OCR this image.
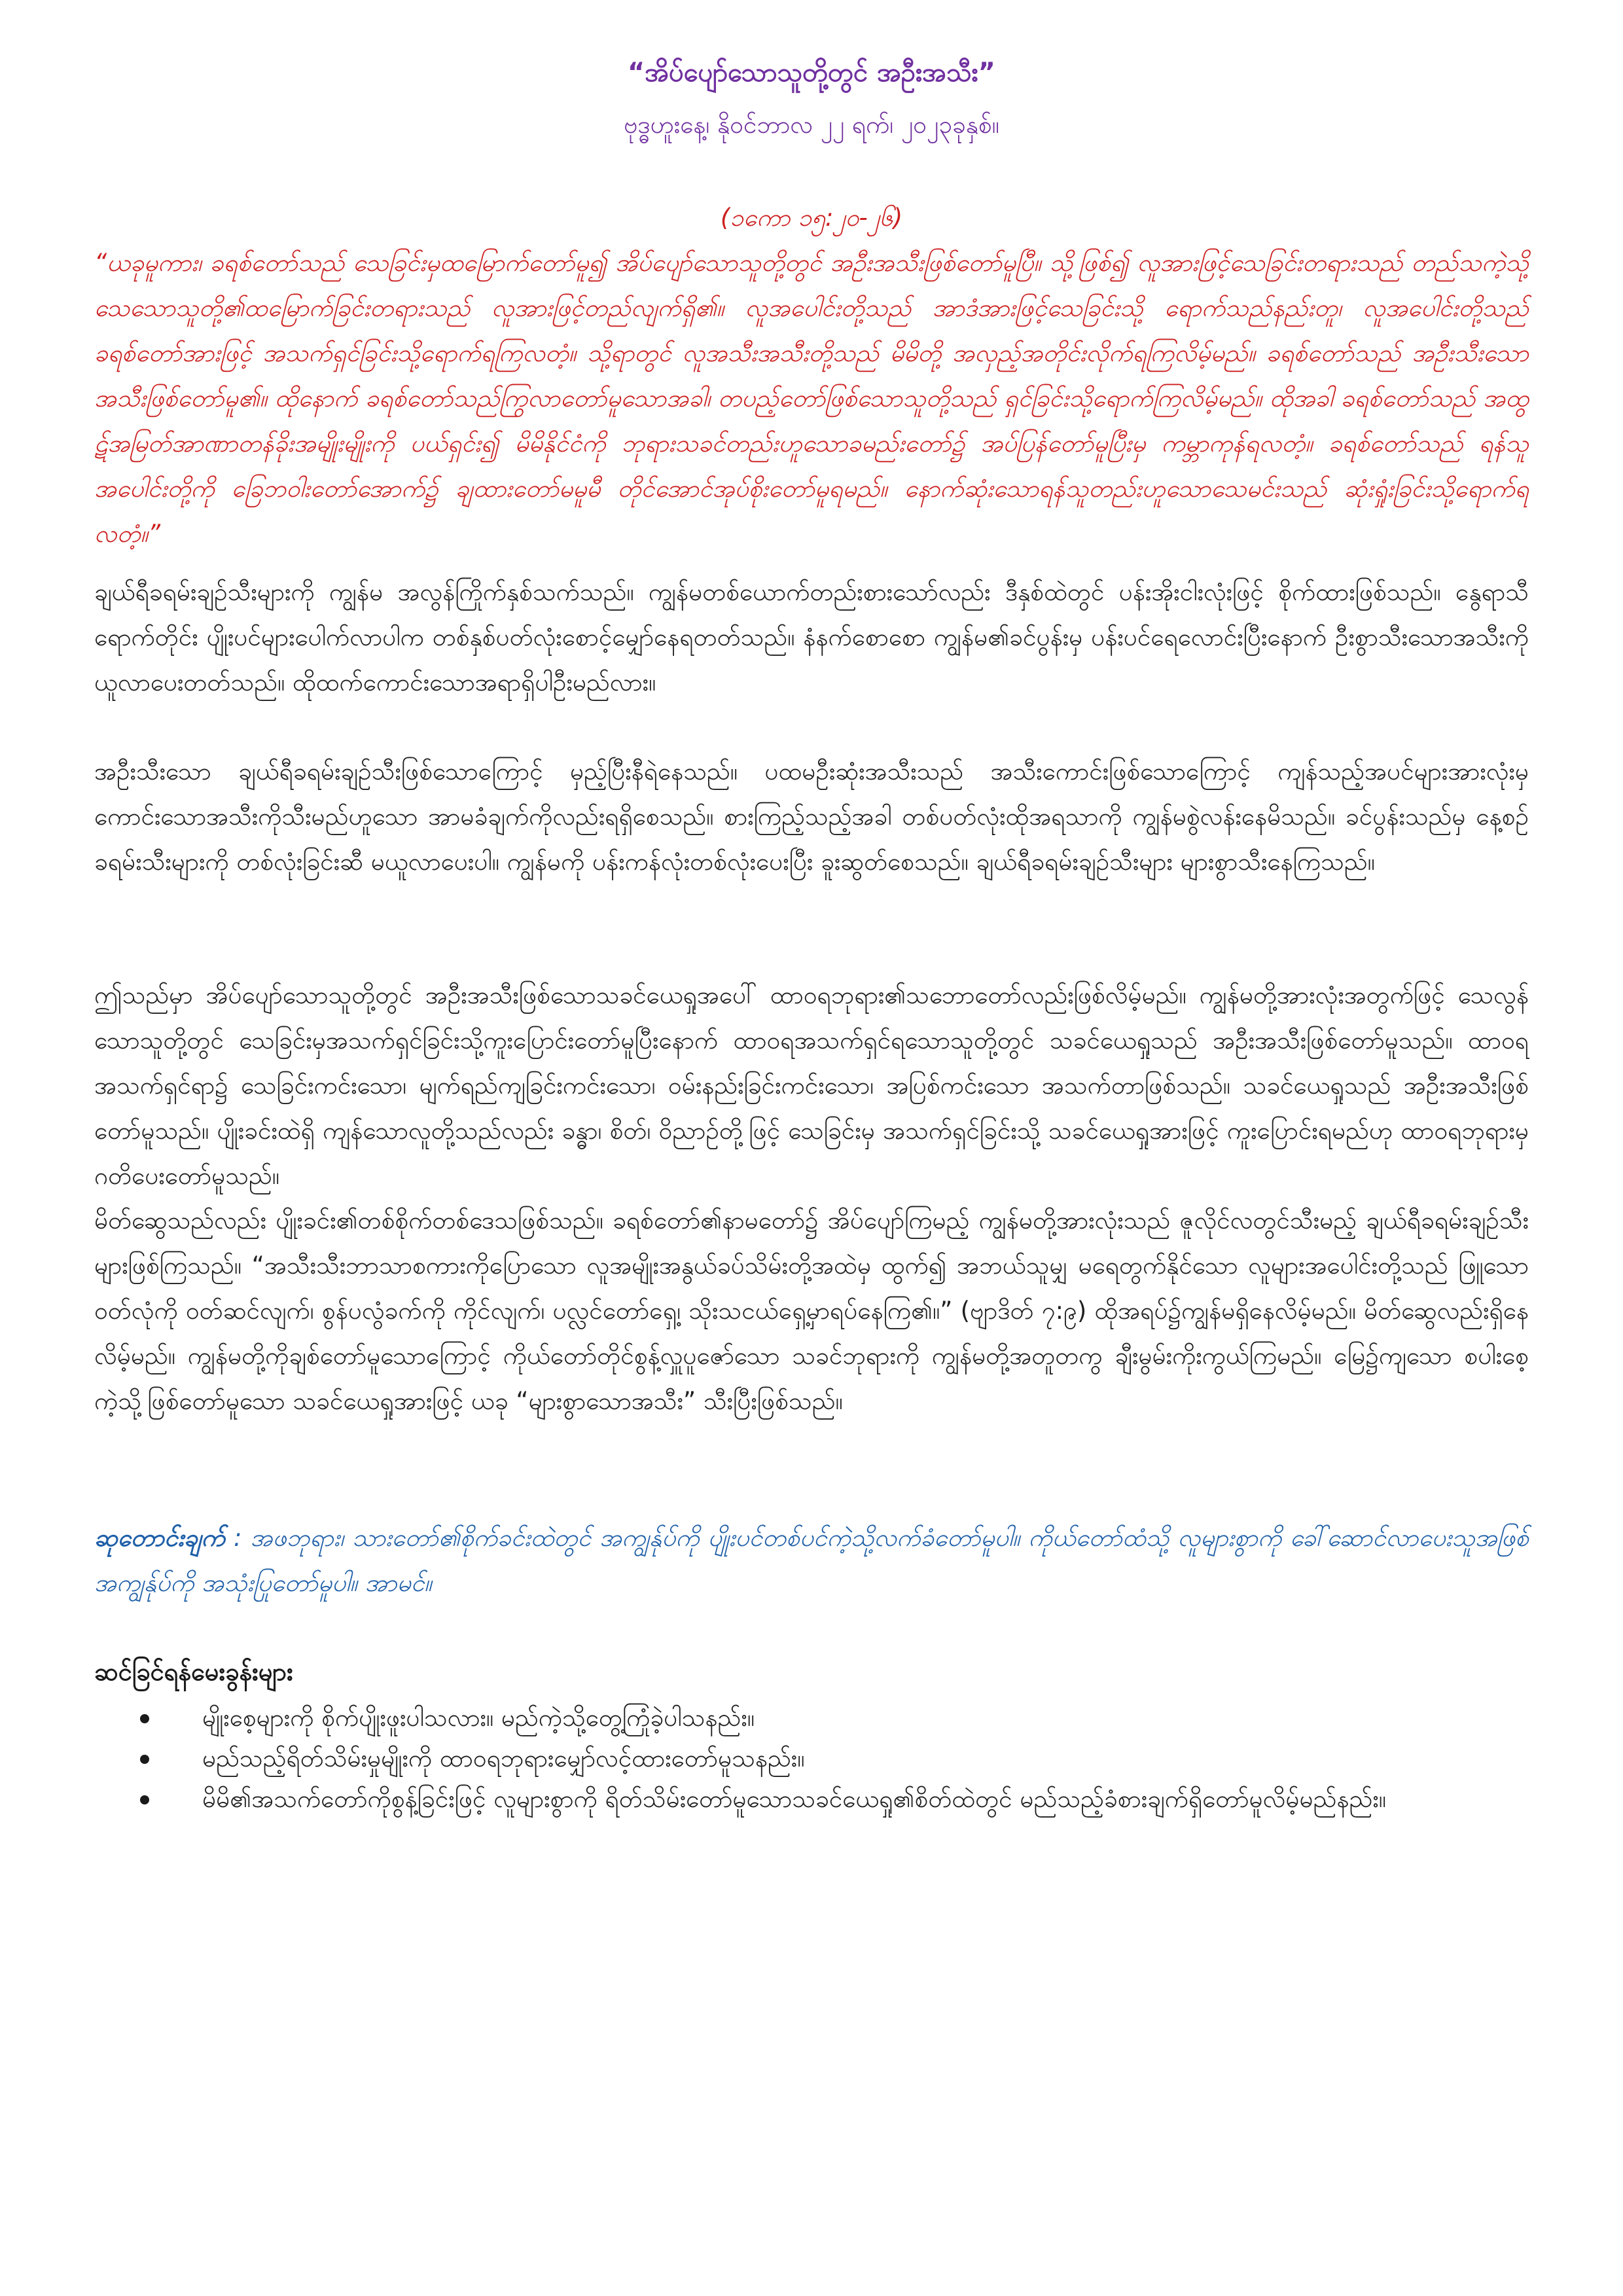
“အိပ်ပျော်သောသူတို့တွင် အဦးအသီး”

ဗုဒ္ဓဟူးနေ့၊ နိုဝင်ဘာလ ၂၂ ရက်၊ ၂၀၂၃ခုနှစ်။

(၁ကော ၁၅:၂၀-၂၆)
“ယခုမူကား၊ ခရစ်တော်သည် သေခြင်းမှထမြောက်တော်မူ၍ အိပ်ပျော်သောသူတို့တွင် အဦးအသီးဖြစ်တော်မူပြီ။ သို့ဖြစ်၍ လူအားဖြင့်သေခြင်းတရားသည် တည်သကဲ့သို့ သေသောသူတို့၏ထမြောက်ခြင်းတရားသည် လူအားဖြင့်တည်လျက်ရှိ၏။ လူအပေါင်းတို့သည် အာဒံအားဖြင့်သေခြင်းသို့ ရောက်သည်နည်းတူ၊ လူအပေါင်းတို့သည် ခရစ်တော်အားဖြင့် အသက်ရှင်ခြင်းသို့ရောက်ရကြလတံ့။ သို့ရာတွင် လူအသီးအသီးတို့သည် မိမိတို့ အလှည့်အတိုင်းလိုက်ရကြလိမ့်မည်။ ခရစ်တော်သည် အဦးသီးသောအသီးဖြစ်တော်မူ၏။ ထိုနောက် ခရစ်တော်သည်ကြွလာတော်မူသောအခါ၊ တပည့်တော်ဖြစ်သောသူတို့သည် ရှင်ခြင်းသို့ရောက်ကြလိမ့်မည်။ ထိုအခါ ခရစ်တော်သည် အထွဋ်အမြတ်အာဏာတန်ခိုးအမျိုးမျိုးကို ပယ်ရှင်း၍ မိမိနိုင်ငံကို ဘုရားသခင်တည်းဟူသောခမည်းတော်၌ အပ်ပြန်တော်မူပြီးမှ ကမ္ဘာကုန်ရလတံ့။ ခရစ်တော်သည် ရန်သူအပေါင်းတို့ကို ခြေဘဝါးတော်အောက်၌ ချထားတော်မမူမီ တိုင်အောင်အုပ်စိုးတော်မူရမည်။ နောက်ဆုံးသောရန်သူတည်းဟူသောသေမင်းသည် ဆုံးရှုံးခြင်းသို့ရောက်ရလတံ့။”

ချယ်ရီခရမ်းချဉ်သီးများကို ကျွန်မ အလွန်ကြိုက်နှစ်သက်သည်။ ကျွန်မတစ်ယောက်တည်းစားသော်လည်း ဒီနှစ်ထဲတွင် ပန်းအိုးငါးလုံးဖြင့် စိုက်ထားဖြစ်သည်။ နွေရာသီရောက်တိုင်း ပျိုးပင်များပေါက်လာပါက တစ်နှစ်ပတ်လုံးစောင့်မျှော်နေရတတ်သည်။ နံနက်စောစော ကျွန်မ၏ခင်ပွန်းမှ ပန်းပင်ရေလောင်းပြီးနောက် ဦးစွာသီးသောအသီးကိုယူလာပေးတတ်သည်။ ထိုထက်ကောင်းသောအရာရှိပါဦးမည်လား။

အဦးသီးသော ချယ်ရီခရမ်းချဉ်သီးဖြစ်သောကြောင့် မှည့်ပြီးနီရဲနေသည်။ ပထမဦးဆုံးအသီးသည် အသီးကောင်းဖြစ်သောကြောင့် ကျန်သည့်အပင်များအားလုံးမှ ကောင်းသောအသီးကိုသီးမည်ဟူသော အာမခံချက်ကိုလည်းရရှိစေသည်။ စားကြည့်သည့်အခါ တစ်ပတ်လုံးထိုအရသာကို ကျွန်မစွဲလန်းနေမိသည်။ ခင်ပွန်းသည်မှ နေ့စဉ် ခရမ်းသီးများကို တစ်လုံးခြင်းဆီ မယူလာပေးပါ။ ကျွန်မကို ပန်းကန်လုံးတစ်လုံးပေးပြီး ခူးဆွတ်စေသည်။ ချယ်ရီခရမ်းချဉ်သီးများ များစွာသီးနေကြသည်။

ဤသည်မှာ အိပ်ပျော်သောသူတို့တွင် အဦးအသီးဖြစ်သောသခင်ယေရှုအပေါ် ထာဝရဘုရား၏သဘောတော်လည်းဖြစ်လိမ့်မည်။ ကျွန်မတို့အားလုံးအတွက်ဖြင့် သေလွန်သောသူတို့တွင် သေခြင်းမှအသက်ရှင်ခြင်းသို့ကူးပြောင်းတော်မူပြီးနောက် ထာဝရအသက်ရှင်ရသောသူတို့တွင် သခင်ယေရှုသည် အဦးအသီးဖြစ်တော်မူသည်။ ထာဝရအသက်ရှင်ရာ၌ သေခြင်းကင်းသော၊ မျက်ရည်ကျခြင်းကင်းသော၊ ဝမ်းနည်းခြင်းကင်းသော၊ အပြစ်ကင်းသော အသက်တာဖြစ်သည်။ သခင်ယေရှုသည် အဦးအသီးဖြစ်တော်မူသည်။ ပျိုးခင်းထဲရှိ ကျန်သောလူတို့သည်လည်း ခန္ဓာ၊ စိတ်၊ ဝိညာဉ်တို့ဖြင့် သေခြင်းမှ အသက်ရှင်ခြင်းသို့ သခင်ယေရှုအားဖြင့် ကူးပြောင်းရမည်ဟု ထာဝရဘုရားမှ ဂတိပေးတော်မူသည်။

မိတ်ဆွေသည်လည်း ပျိုးခင်း၏တစ်စိုက်တစ်ဒေသဖြစ်သည်။ ခရစ်တော်၏နာမတော်၌ အိပ်ပျော်ကြမည့် ကျွန်မတို့အားလုံးသည် ဇူလိုင်လတွင်သီးမည့် ချယ်ရီခရမ်းချဉ်သီးများဖြစ်ကြသည်။ “အသီးသီးဘာသာစကားကိုပြောသော လူအမျိုးအနွယ်ခပ်သိမ်းတို့အထဲမှ ထွက်၍ အဘယ်သူမျှ မရေတွက်နိုင်သော လူများအပေါင်းတို့သည် ဖြူသောဝတ်လုံကို ဝတ်ဆင်လျက်၊ စွန်ပလွံခက်ကို ကိုင်လျက်၊ ပလ္လင်တော်ရှေ့၊ သိုးသငယ်ရှေ့မှာရပ်နေကြ၏။” (ဗျာဒိတ် ၇:၉) ထိုအရပ်၌ကျွန်မရှိနေလိမ့်မည်။ မိတ်ဆွေလည်းရှိနေလိမ့်မည်။ ကျွန်မတို့ကိုချစ်တော်မူသောကြောင့် ကိုယ်တော်တိုင်စွန့်လှူပူဇော်သော သခင်ဘုရားကို ကျွန်မတို့အတူတကွ ချီးမွမ်းကိုးကွယ်ကြမည်။ မြေ၌ကျသော စပါးစေ့ကဲ့သို့ဖြစ်တော်မူသော သခင်ယေရှုအားဖြင့် ယခု “များစွာသောအသီး” သီးပြီးဖြစ်သည်။

ဆုတောင်းချက် : အဖဘုရား၊ သားတော်၏စိုက်ခင်းထဲတွင် အကျွန်ုပ်ကို ပျိုးပင်တစ်ပင်ကဲ့သို့လက်ခံတော်မူပါ။ ကိုယ်တော်ထံသို့ လူများစွာကို ခေါ်ဆောင်လာပေးသူအဖြစ် အကျွန်ုပ်ကို အသုံးပြုတော်မူပါ။ အာမင်။

ဆင်ခြင်ရန်မေးခွန်းများ
မျိုးစေ့များကို စိုက်ပျိုးဖူးပါသလား။ မည်ကဲ့သို့တွေ့ကြုံခဲ့ပါသနည်း။
မည်သည့်ရိတ်သိမ်းမှုမျိုးကို ထာဝရဘုရားမျှော်လင့်ထားတော်မူသနည်း။
မိမိ၏အသက်တော်ကိုစွန့်ခြင်းဖြင့် လူများစွာကို ရိတ်သိမ်းတော်မူသောသခင်ယေရှု၏စိတ်ထဲတွင် မည်သည့်ခံစားချက်ရှိတော်မူလိမ့်မည်နည်း။
